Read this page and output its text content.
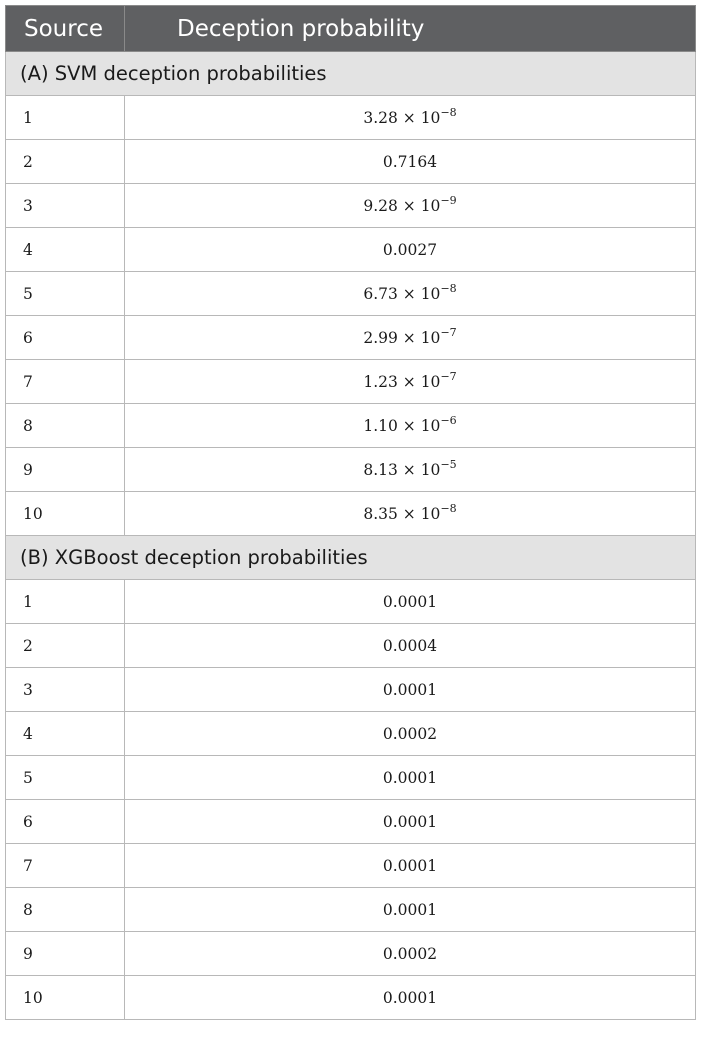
Source	Deception probability
(A) SVM deception probabilities	
1	$3.28 \times 10^{-8}$
2	0.7164
3	$9.28 \times 10^{-9}$
4	0.0027
5	$6.73 \times 10^{-8}$
6	$2.99 \times 10^{-7}$
7	$1.23 \times 10^{-7}$
8	$1.10 \times 10^{-6}$
9	$8.13 \times 10^{-5}$
10	$8.35 \times 10^{-8}$
(B) XGBoost deception probabilities	
1	0.0001
2	0.0004
3	0.0001
4	0.0002
5	0.0001
6	0.0001
7	0.0001
8	0.0001
9	0.0002
10	0.0001
